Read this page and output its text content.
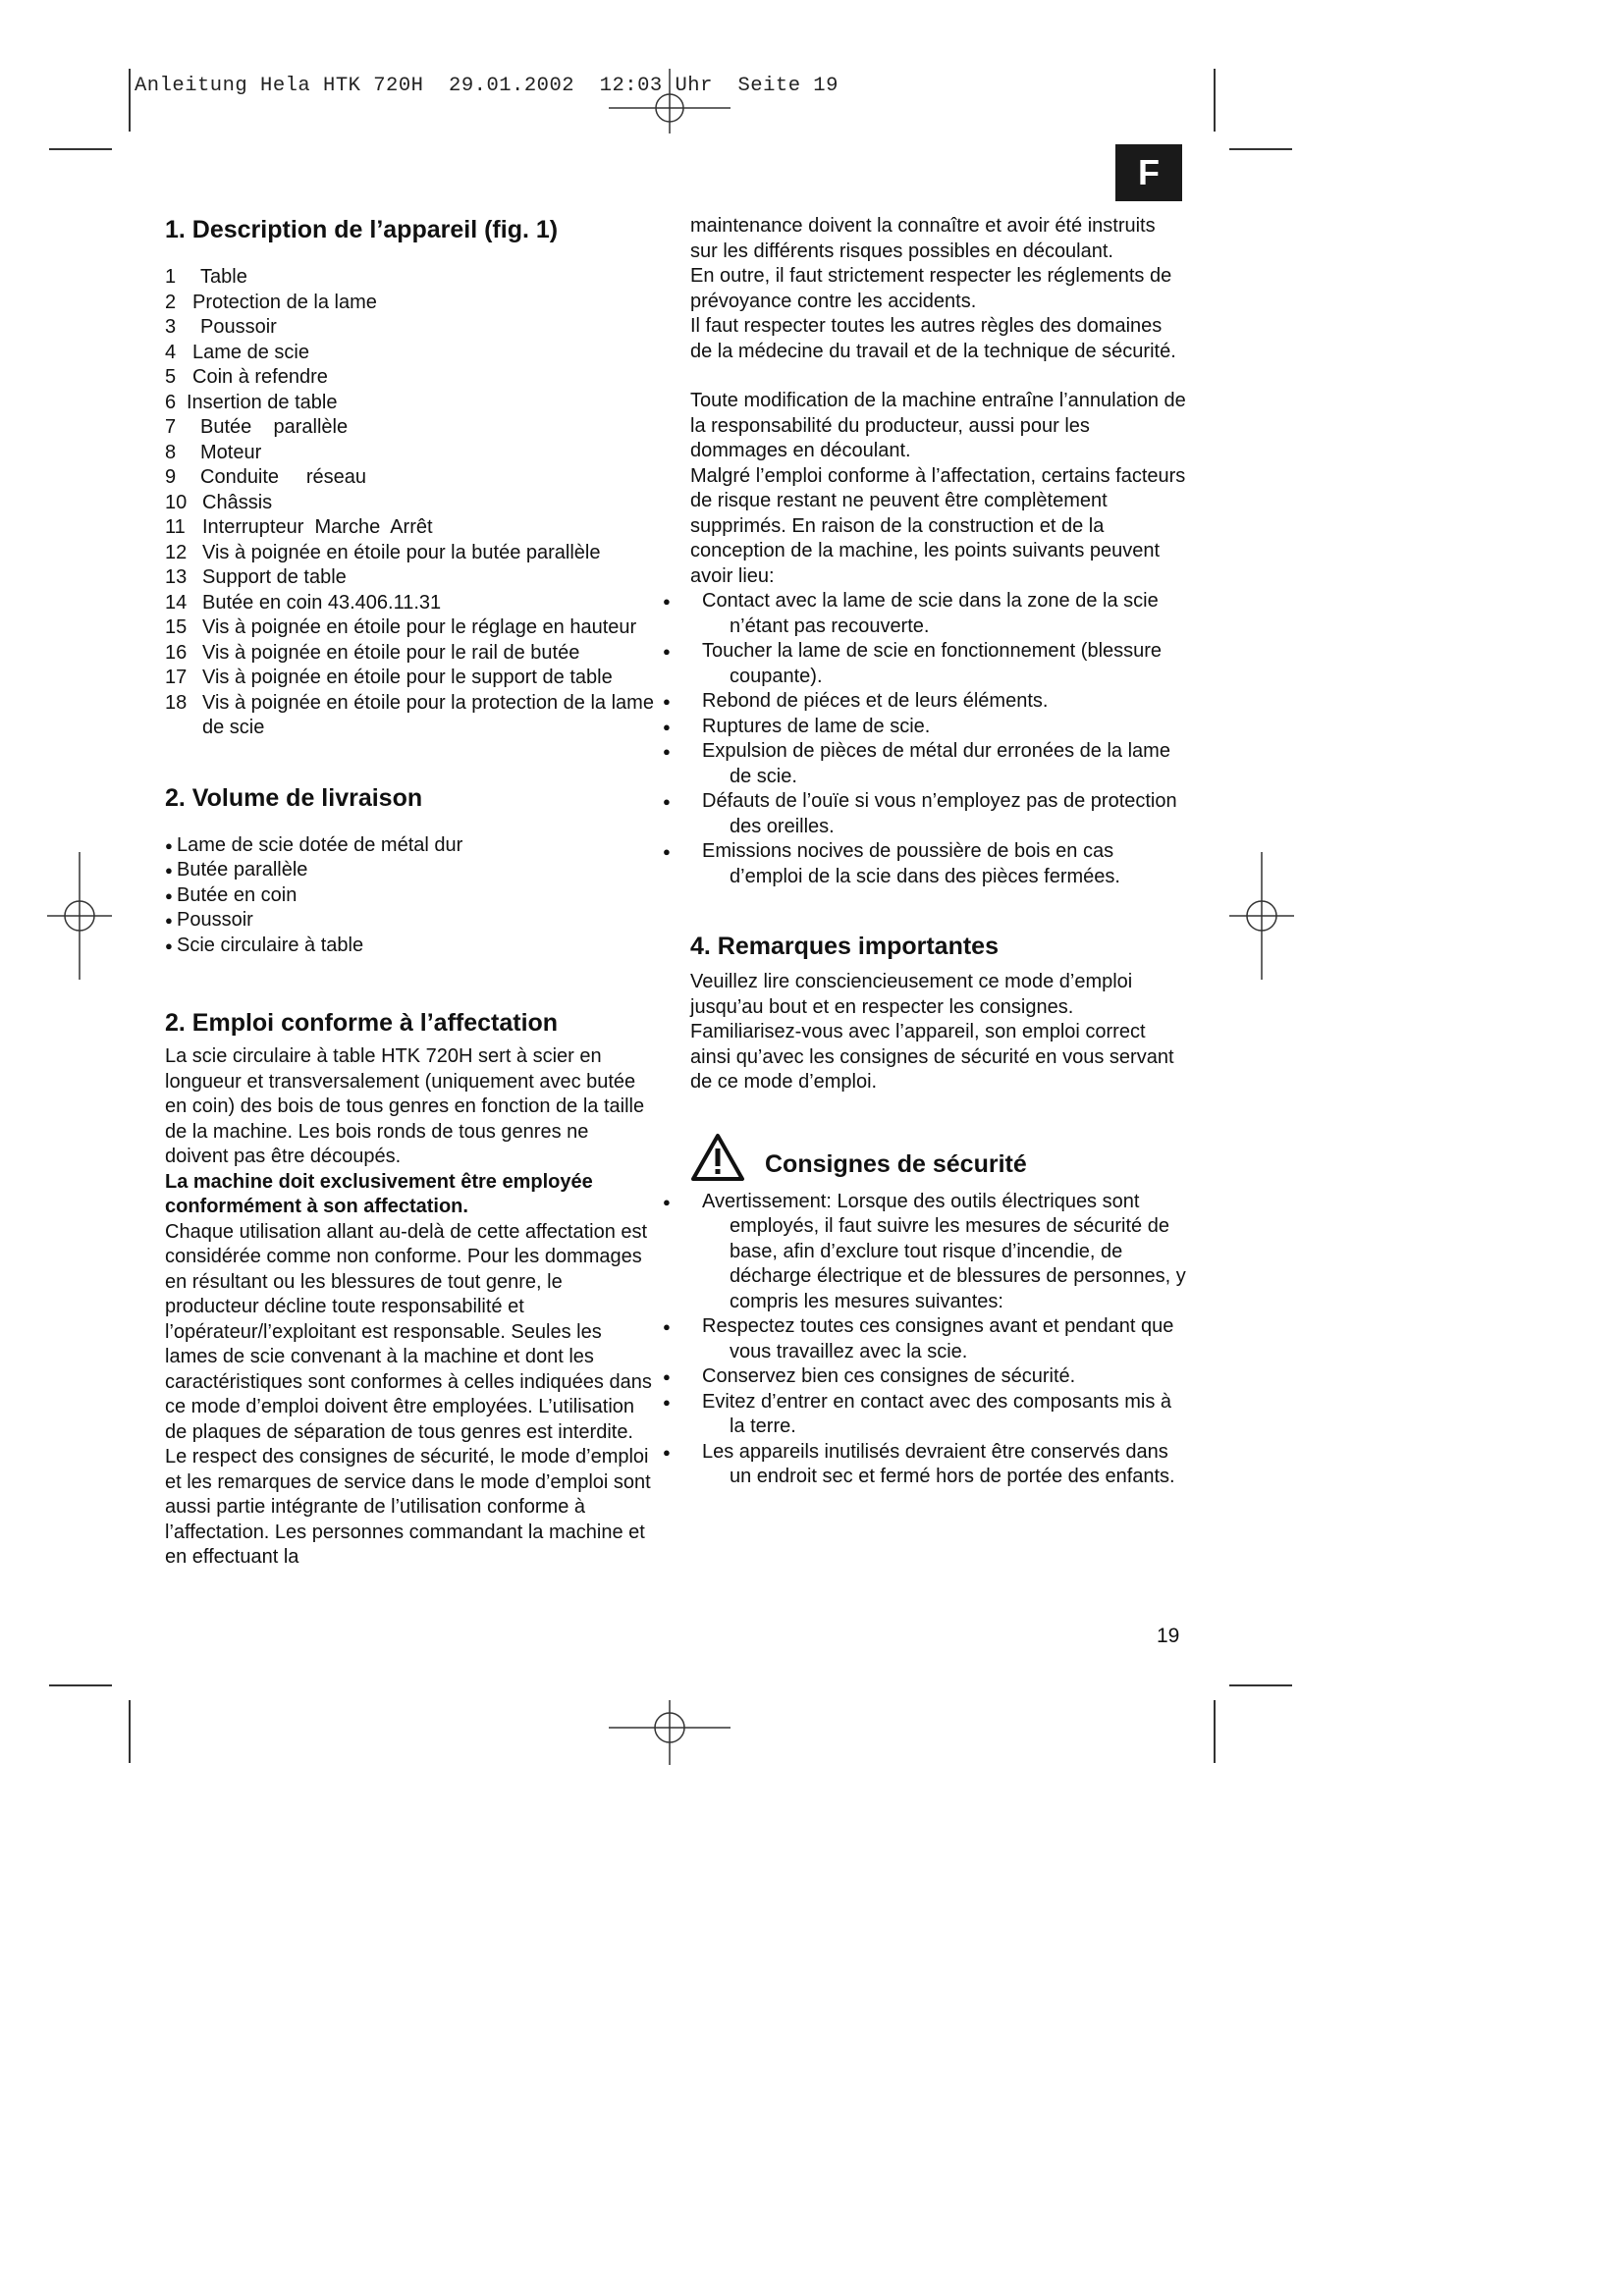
Anleitung Hela HTK 720H  29.01.2002  12:03 Uhr  Seite 19
F
1. Description de l’appareil (fig. 1)
1	Table
2 Protection de la lame
3	Poussoir
4 Lame de scie
5 Coin à refendre
6 Insertion de table
7	Butée    parallèle
8	Moteur
9	Conduite     réseau
10 Châssis
11 Interrupteur  Marche  Arrêt
12 Vis à poignée en étoile pour la butée parallèle
13 Support de table
14 Butée en coin 43.406.11.31
15 Vis à poignée en étoile pour le réglage en hauteur
16 Vis à poignée en étoile pour le rail de butée
17 Vis à poignée en étoile pour le support de table
18 Vis à poignée en étoile pour la protection de la lame de scie
2. Volume de livraison
● Lame de scie dotée de métal dur
● Butée parallèle
● Butée en coin
● Poussoir
● Scie circulaire à table
2. Emploi conforme à l’affectation

La scie circulaire à table HTK 720H sert à scier en longueur et transversalement (uniquement avec butée en coin) des bois de tous genres en fonction de la taille de la machine. Les bois ronds de tous genres ne doivent pas être découpés.

La machine doit exclusivement être employée conformément à son affectation.

Chaque utilisation allant au-delà de cette affectation est considérée comme non conforme. Pour les dommages en résultant ou les blessures de tout genre, le producteur décline toute responsabilité et l’opérateur/l’exploitant est responsable. Seules les lames de scie convenant à la machine et dont les caractéristiques sont conformes à celles indiquées dans ce mode d’emploi doivent être employées. L’utilisation de plaques de séparation de tous genres est interdite. Le respect des consignes de sécurité, le mode d’emploi et les remarques de service dans le mode d’emploi sont aussi partie intégrante de l’utilisation conforme à l’affectation. Les personnes commandant la machine et en effectuant la

maintenance doivent la connaître et avoir été instruits sur les différents risques possibles en découlant.

En outre, il faut strictement respecter les réglements de prévoyance contre les accidents.

Il faut respecter toutes les autres règles des domaines de la médecine du travail et de la technique de sécurité.

Toute modification de la machine entraîne l’annulation de la responsabilité du producteur, aussi pour les dommages en découlant.

Malgré l’emploi conforme à l’affectation, certains facteurs de risque restant ne peuvent être complètement supprimés. En raison de la construction et de la conception de la machine, les points suivants peuvent avoir lieu:

● Contact avec la lame de scie dans la zone de la scie n’étant pas recouverte.
● Toucher la lame de scie en fonctionnement (blessure coupante).
● Rebond de piéces et de leurs éléments.
● Ruptures de lame de scie.
● Expulsion de pièces de métal dur erronées de la lame de scie.
● Défauts de l’ouïe si vous n’employez pas de protection des oreilles.
● Emissions nocives de poussière de bois en cas d’emploi de la scie dans des pièces fermées.
4. Remarques importantes

Veuillez lire consciencieusement ce mode d’emploi jusqu’au bout et en respecter les consignes.

Familiarisez-vous avec l’appareil, son emploi correct ainsi qu’avec les consignes de sécurité en vous servant de ce mode d’emploi.

Consignes de sécurité
● Avertissement: Lorsque des outils électriques sont employés, il faut suivre les mesures de sécurité de base, afin d’exclure tout risque d’incendie, de décharge électrique et de blessures de personnes, y compris les mesures suivantes:
● Respectez toutes ces consignes avant et pendant que vous travaillez avec la scie.
● Conservez bien ces consignes de sécurité.
● Evitez d’entrer en contact avec des composants mis à la terre.
● Les appareils inutilisés devraient être conservés dans un endroit sec et fermé hors de portée des enfants.
19
